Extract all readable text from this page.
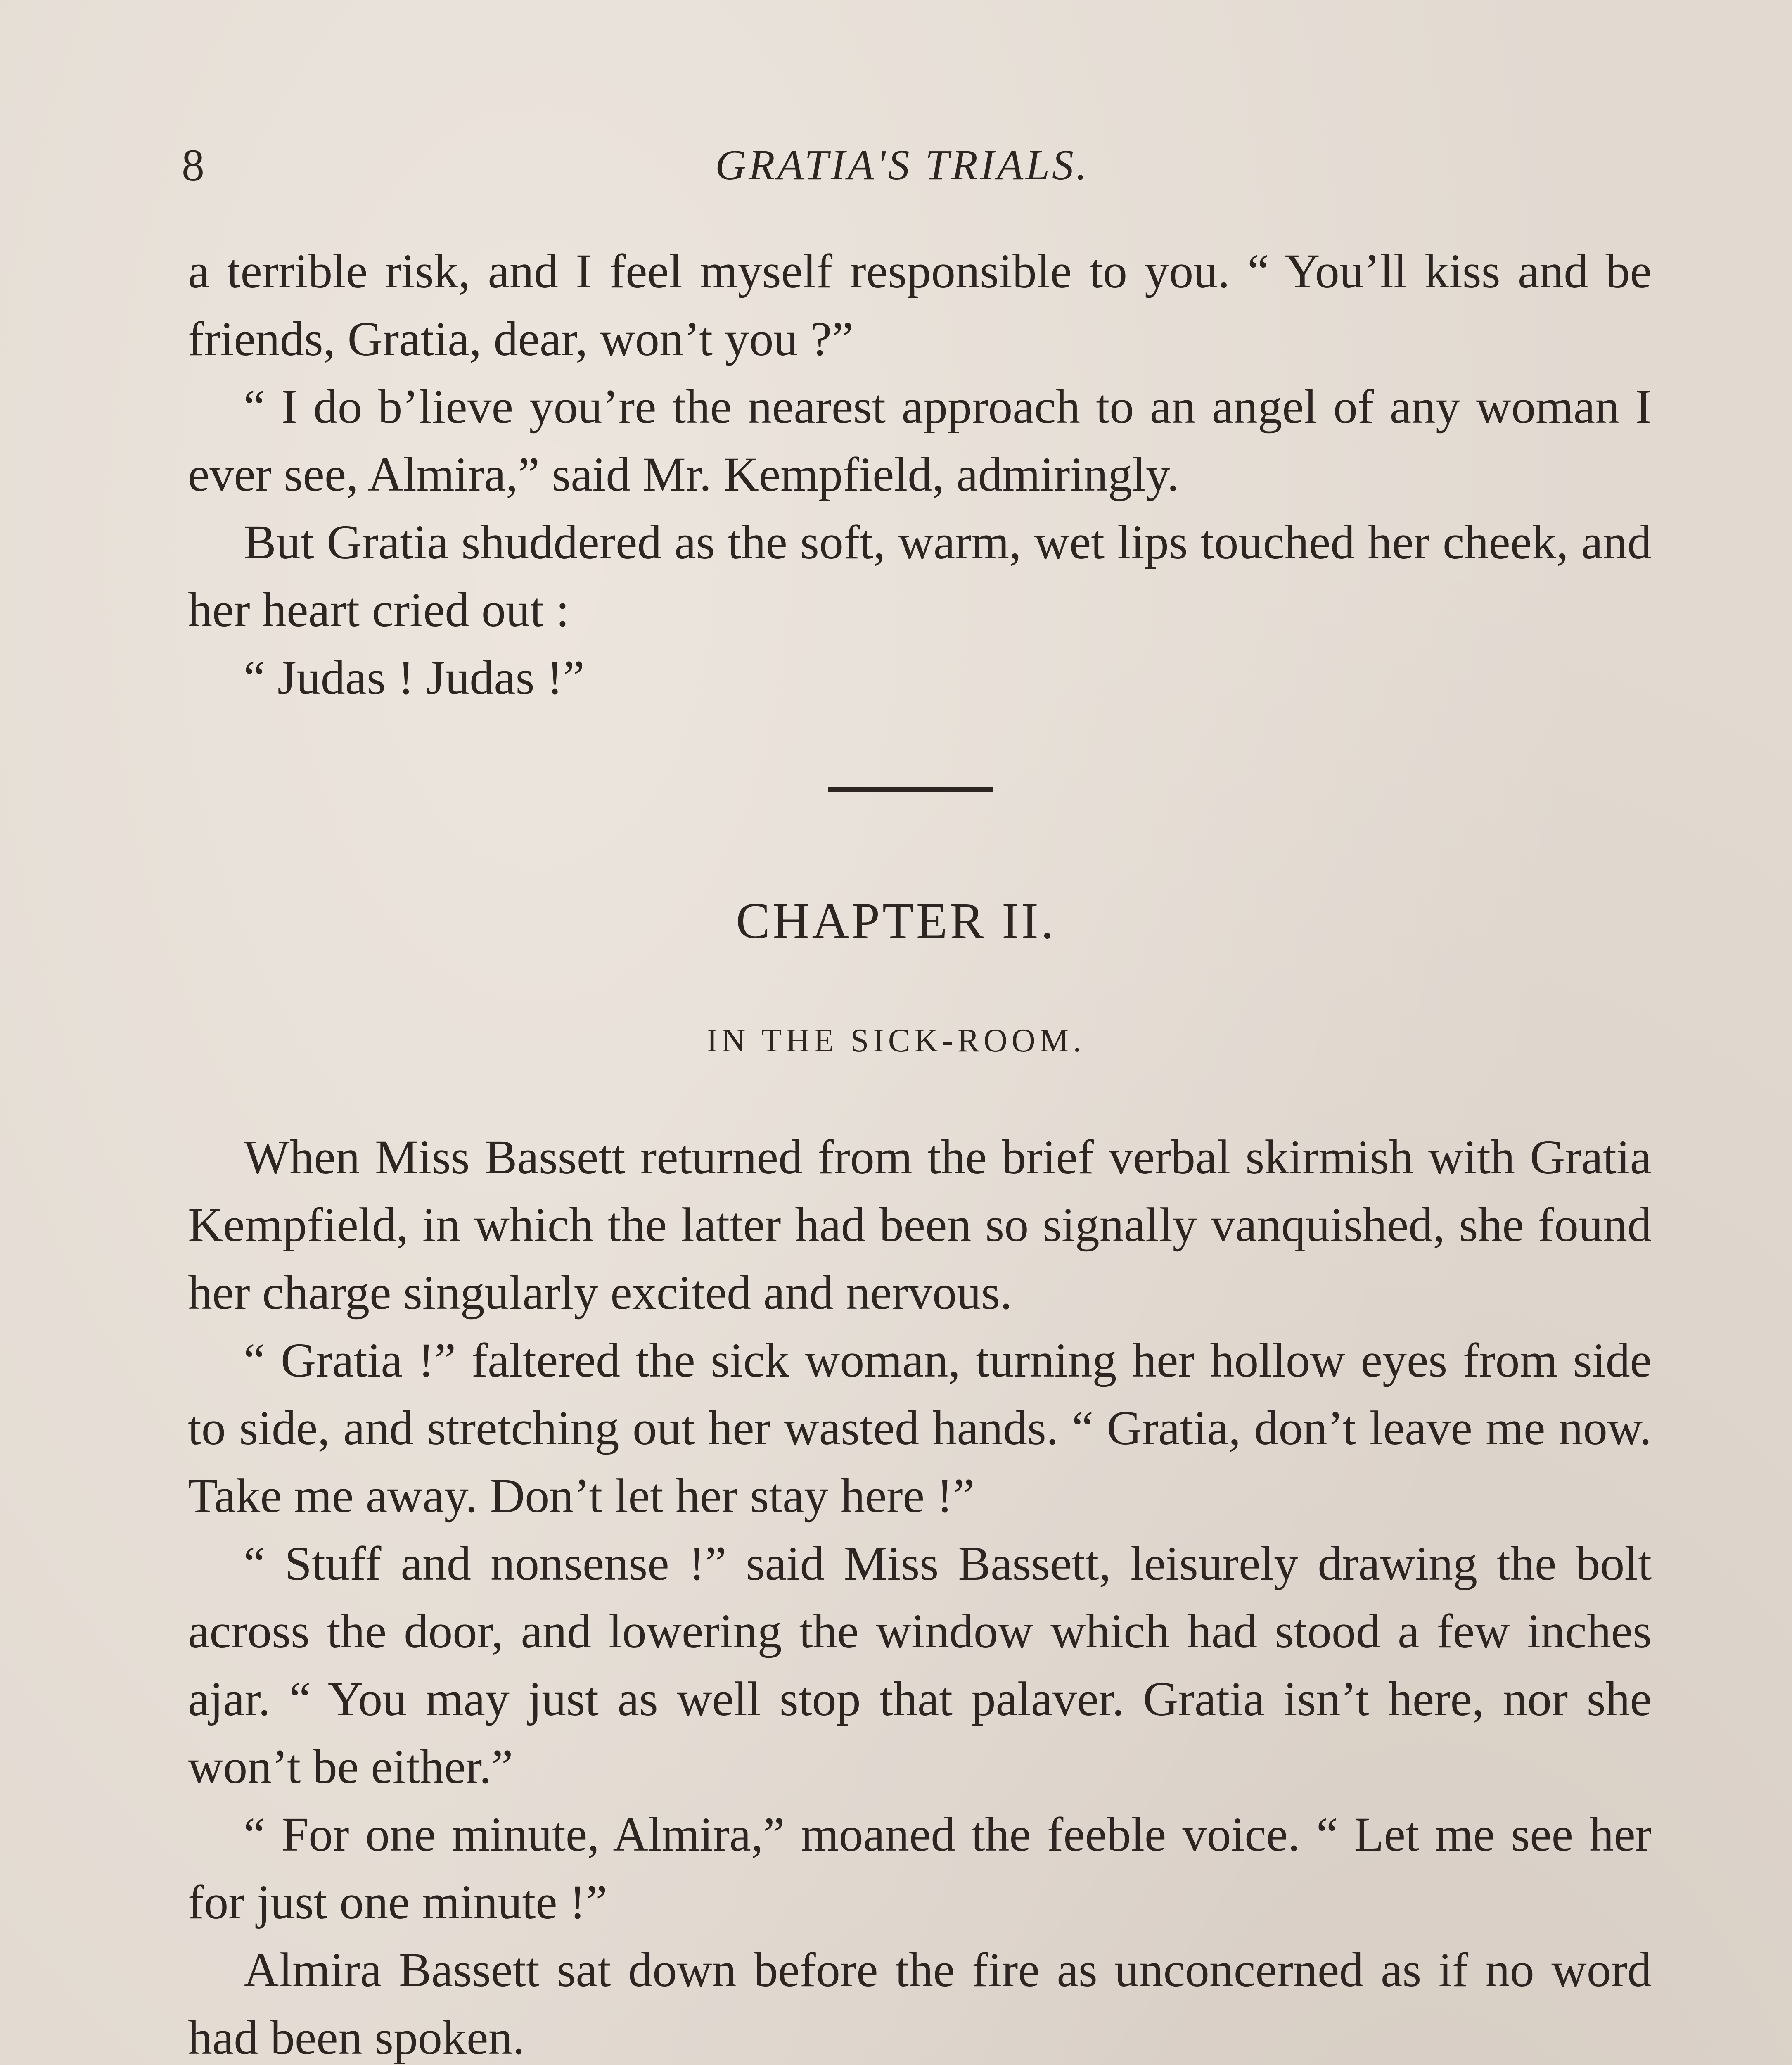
8	GRATIA'S TRIALS.

a terrible risk, and I feel myself responsible to you. “ You’ll kiss and be friends, Gratia, dear, won’t you ?”

“ I do b’lieve you’re the nearest approach to an angel of any woman I ever see, Almira,” said Mr. Kempfield, admiringly.

But Gratia shuddered as the soft, warm, wet lips touched her cheek, and her heart cried out :

“ Judas ! Judas !”

CHAPTER II.
IN THE SICK-ROOM.

When Miss Bassett returned from the brief verbal skirmish with Gratia Kempfield, in which the latter had been so signally vanquished, she found her charge singularly excited and nervous.

“ Gratia !” faltered the sick woman, turning her hollow eyes from side to side, and stretching out her wasted hands. “ Gratia, don’t leave me now. Take me away. Don’t let her stay here !”

“ Stuff and nonsense !” said Miss Bassett, leisurely drawing the bolt across the door, and lowering the window which had stood a few inches ajar. “ You may just as well stop that palaver. Gratia isn’t here, nor she won’t be either.”

“ For one minute, Almira,” moaned the feeble voice. “ Let me see her for just one minute !”

Almira Bassett sat down before the fire as unconcerned as if no word had been spoken.
